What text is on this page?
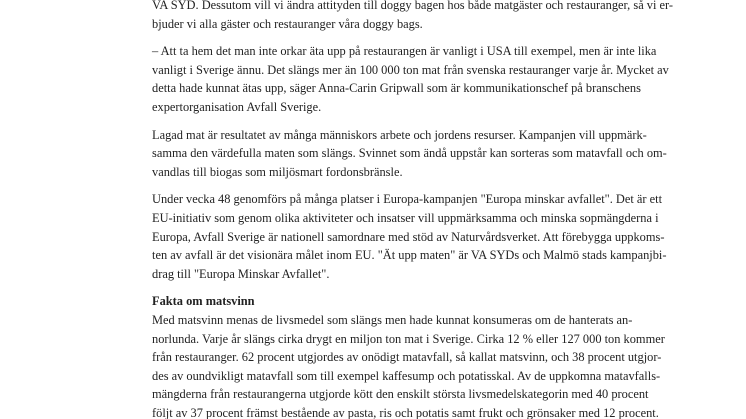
VA SYD. Dessutom vill vi ändra attityden till doggy bagen hos både matgäster och restauranger, så vi er-
bjuder vi alla gäster och restauranger våra doggy bags.

– Att ta hem det man inte orkar äta upp på restaurangen är vanligt i USA till exempel, men är inte lika
vanligt i Sverige ännu. Det slängs mer än 100 000 ton mat från svenska restauranger varje år. Mycket av
detta hade kunnat ätas upp, säger Anna-Carin Gripwall som är kommunikationschef på branschens
expertorganisation Avfall Sverige.

Lagad mat är resultatet av många människors arbete och jordens resurser. Kampanjen vill uppmärk-
samma den värdefulla maten som slängs. Svinnet som ändå uppstår kan sorteras som matavfall och om-
vandlas till biogas som miljösmart fordonsbränsle.

Under vecka 48 genomförs på många platser i Europa-kampanjen "Europa minskar avfallet". Det är ett
EU-initiativ som genom olika aktiviteter och insatser vill uppmärksamma och minska sopmängderna i
Europa, Avfall Sverige är nationell samordnare med stöd av Naturvårdsverket. Att förebygga uppkoms-
ten av avfall är det visionära målet inom EU. "Ät upp maten" är VA SYDs och Malmö stads kampanjbi-
drag till "Europa Minskar Avfallet".

Fakta om matsvinn

Med matsvinn menas de livsmedel som slängs men hade kunnat konsumeras om de hanterats an-
norlunda. Varje år slängs cirka drygt en miljon ton mat i Sverige. Cirka 12 % eller 127 000 ton kommer
från restauranger. 62 procent utgjordes av onödigt matavfall, så kallat matsvinn, och 38 procent utgjor-
des av oundvikligt matavfall som till exempel kaffesump och potatisskal. Av de uppkomna matavfalls-
mängderna från restaurangerna utgjorde kött den enskilt största livsmedelskategorin med 40 procent
följt av 37 procent främst bestående av pasta, ris och potatis samt frukt och grönsaker med 12 procent.
